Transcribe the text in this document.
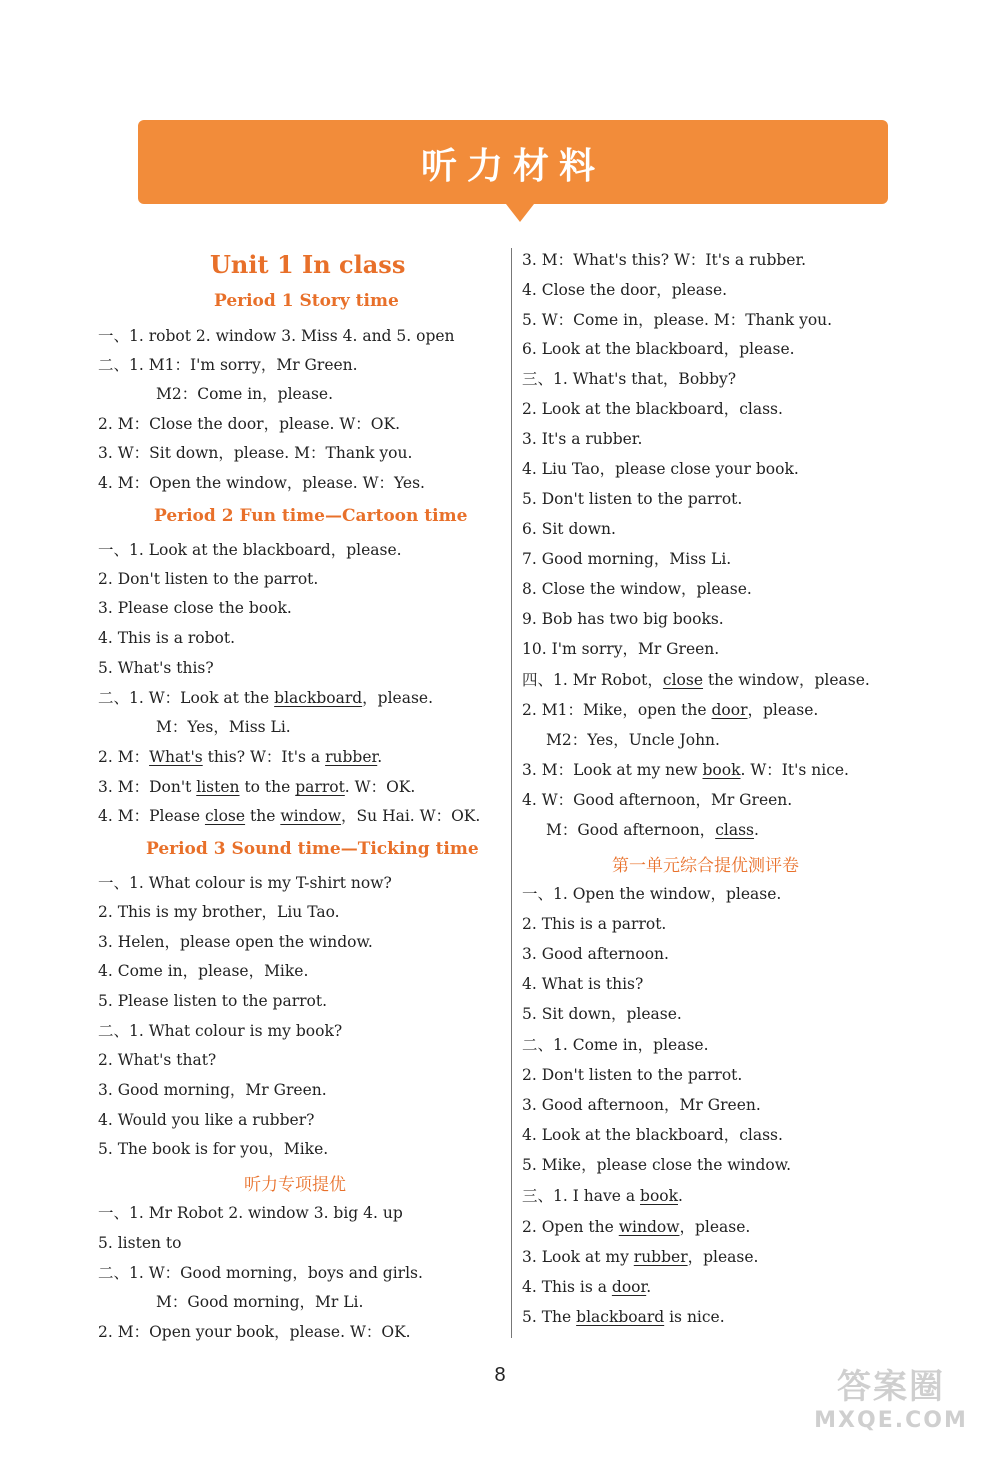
听力材料
Unit 1 In class
Period 1 Story time
一、1. robot 2. window 3. Miss 4. and 5. open
二、1. M1：I'm sorry，Mr Green.
M2：Come in，please.
2. M：Close the door，please. W：OK.
3. W：Sit down，please. M：Thank you.
4. M：Open the window，please. W：Yes.
Period 2 Fun time—Cartoon time
一、1. Look at the blackboard，please.
2. Don't listen to the parrot.
3. Please close the book.
4. This is a robot.
5. What's this?
二、1. W：Look at the blackboard，please.
M：Yes，Miss Li.
2. M：What's this? W：It's a rubber.
3. M：Don't listen to the parrot. W：OK.
4. M：Please close the window，Su Hai. W：OK.
Period 3 Sound time—Ticking time
一、1. What colour is my T-shirt now?
2. This is my brother，Liu Tao.
3. Helen，please open the window.
4. Come in，please，Mike.
5. Please listen to the parrot.
二、1. What colour is my book?
2. What's that?
3. Good morning，Mr Green.
4. Would you like a rubber?
5. The book is for you，Mike.
听力专项提优
一、1. Mr Robot 2. window 3. big 4. up
5. listen to
二、1. W：Good morning，boys and girls.
M：Good morning，Mr Li.
2. M：Open your book，please. W：OK.
3. M：What's this? W：It's a rubber.
4. Close the door，please.
5. W：Come in，please. M：Thank you.
6. Look at the blackboard，please.
三、1. What's that，Bobby?
2. Look at the blackboard，class.
3. It's a rubber.
4. Liu Tao，please close your book.
5. Don't listen to the parrot.
6. Sit down.
7. Good morning，Miss Li.
8. Close the window，please.
9. Bob has two big books.
10. I'm sorry，Mr Green.
四、1. Mr Robot，close the window，please.
2. M1：Mike，open the door，please.
M2：Yes，Uncle John.
3. M：Look at my new book. W：It's nice.
4. W：Good afternoon，Mr Green.
M：Good afternoon，class.
第一单元综合提优测评卷
一、1. Open the window，please.
2. This is a parrot.
3. Good afternoon.
4. What is this?
5. Sit down，please.
二、1. Come in，please.
2. Don't listen to the parrot.
3. Good afternoon，Mr Green.
4. Look at the blackboard，class.
5. Mike，please close the window.
三、1. I have a book.
2. Open the window，please.
3. Look at my rubber，please.
4. This is a door.
5. The blackboard is nice.
8	答案圈
MXQE.COM
